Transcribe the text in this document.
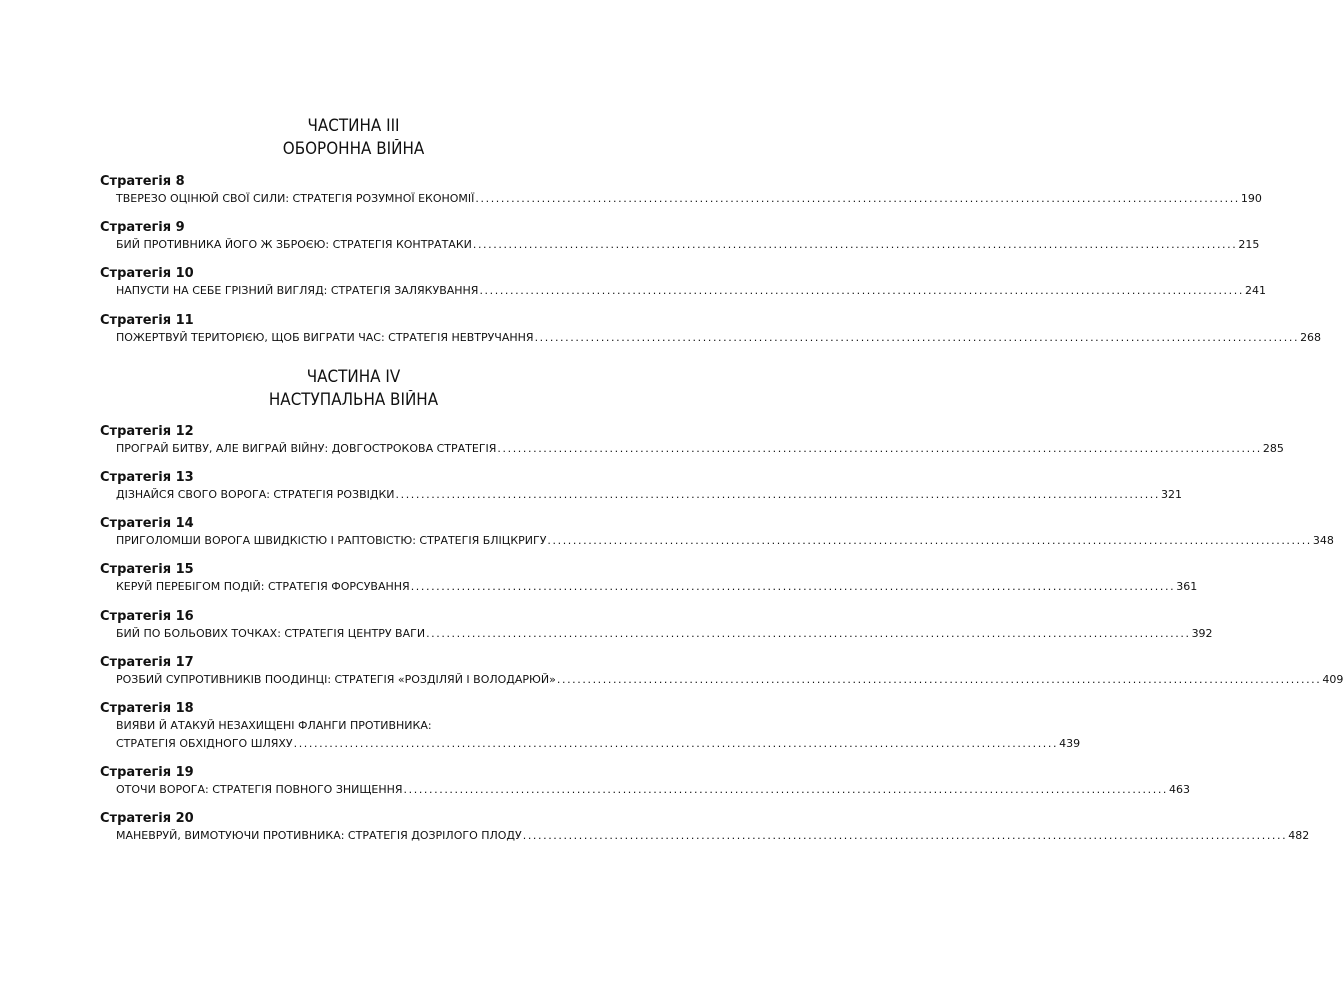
ЧАСТИНА III
ОБОРОННА ВІЙНА
ЧАСТИНА IV
НАСТУПАЛЬНА ВІЙНА
Стратегія 8
ТВЕРЕЗО ОЦІНЮЙ СВОЇ СИЛИ: СТРАТЕГІЯ РОЗУМНОЇ ЕКОНОМІЇ ...................................................................................................................................................... 190
Стратегія 9
БИЙ ПРОТИВНИКА ЙОГО Ж ЗБРОЄЮ: СТРАТЕГІЯ КОНТРАТАКИ ...................................................................................................................................................... 215
Стратегія 10
НАПУСТИ НА СЕБЕ ГРІЗНИЙ ВИГЛЯД: СТРАТЕГІЯ ЗАЛЯКУВАННЯ ...................................................................................................................................................... 241
Стратегія 11
ПОЖЕРТВУЙ ТЕРИТОРІЄЮ, ЩОБ ВИГРАТИ ЧАС: СТРАТЕГІЯ НЕВТРУЧАННЯ ...................................................................................................................................................... 268
Стратегія 12
ПРОГРАЙ БИТВУ, АЛЕ ВИГРАЙ ВІЙНУ: ДОВГОСТРОКОВА СТРАТЕГІЯ ...................................................................................................................................................... 285
Стратегія 13
ДІЗНАЙСЯ СВОГО ВОРОГА: СТРАТЕГІЯ РОЗВІДКИ ...................................................................................................................................................... 321
Стратегія 14
ПРИГОЛОМШИ ВОРОГА ШВИДКІСТЮ І РАПТОВІСТЮ: СТРАТЕГІЯ БЛІЦКРИГУ ...................................................................................................................................................... 348
Стратегія 15
КЕРУЙ ПЕРЕБІГОМ ПОДІЙ: СТРАТЕГІЯ ФОРСУВАННЯ ...................................................................................................................................................... 361
Стратегія 16
БИЙ ПО БОЛЬОВИХ ТОЧКАХ: СТРАТЕГІЯ ЦЕНТРУ ВАГИ ...................................................................................................................................................... 392
Стратегія 17
РОЗБИЙ СУПРОТИВНИКІВ ПООДИНЦІ: СТРАТЕГІЯ «РОЗДІЛЯЙ І ВОЛОДАРЮЙ» ...................................................................................................................................................... 409
Стратегія 18
ВИЯВИ Й АТАКУЙ НЕЗАХИЩЕНІ ФЛАНГИ ПРОТИВНИКА:
СТРАТЕГІЯ ОБХІДНОГО ШЛЯХУ ...................................................................................................................................................... 439
Стратегія 19
ОТОЧИ ВОРОГА: СТРАТЕГІЯ ПОВНОГО ЗНИЩЕННЯ ...................................................................................................................................................... 463
Стратегія 20
МАНЕВРУЙ, ВИМОТУЮЧИ ПРОТИВНИКА: СТРАТЕГІЯ ДОЗРІЛОГО ПЛОДУ ...................................................................................................................................................... 482
